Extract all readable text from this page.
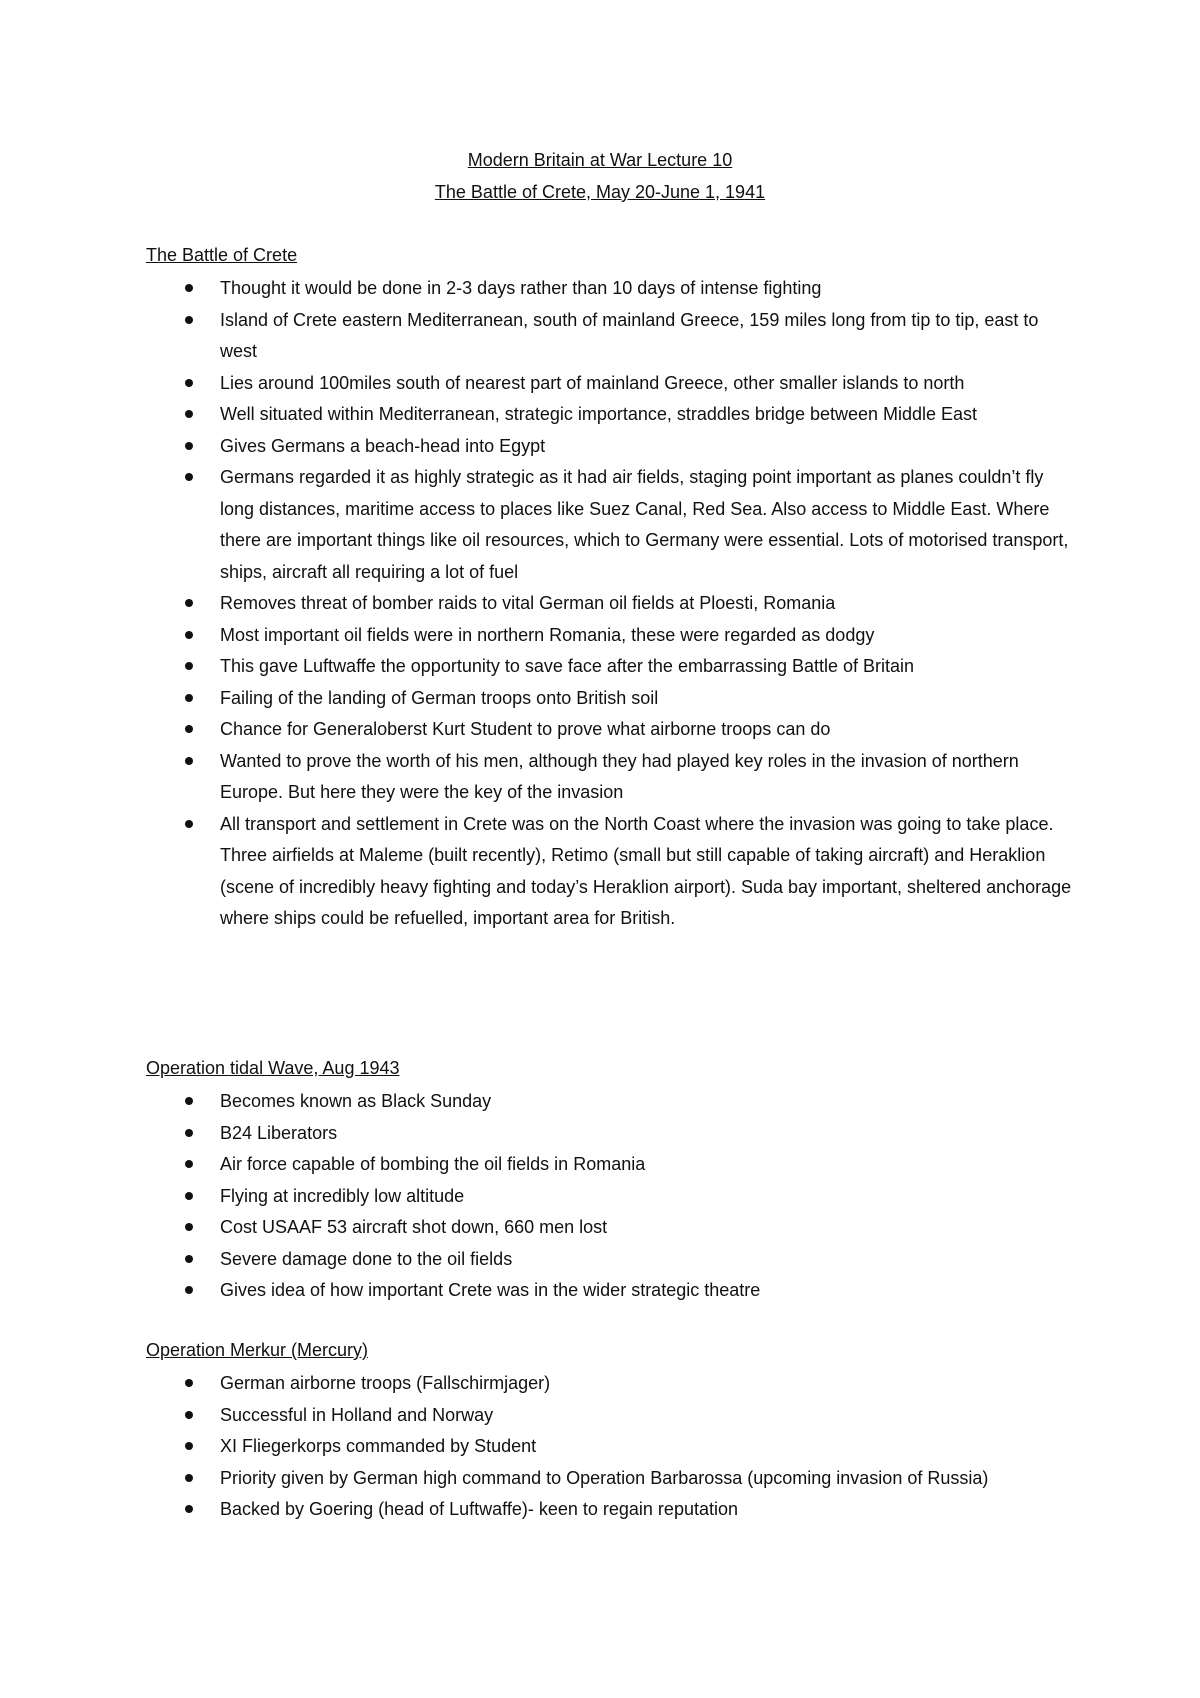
Modern Britain at War Lecture 10
The Battle of Crete, May 20-June 1, 1941
The Battle of Crete
Thought it would be done in 2-3 days rather than 10 days of intense fighting
Island of Crete eastern Mediterranean, south of mainland Greece, 159 miles long from tip to tip, east to west
Lies around 100miles south of nearest part of mainland Greece, other smaller islands to north
Well situated within Mediterranean, strategic importance, straddles bridge between Middle East
Gives Germans a beach-head into Egypt
Germans regarded it as highly strategic as it had air fields, staging point important as planes couldn’t fly long distances, maritime access to places like Suez Canal, Red Sea. Also access to Middle East. Where there are important things like oil resources, which to Germany were essential. Lots of motorised transport, ships, aircraft all requiring a lot of fuel
Removes threat of bomber raids to vital German oil fields at Ploesti, Romania
Most important oil fields were in northern Romania, these were regarded as dodgy
This gave Luftwaffe the opportunity to save face after the embarrassing Battle of Britain
Failing of the landing of German troops onto British soil
Chance for Generaloberst Kurt Student to prove what airborne troops can do
Wanted to prove the worth of his men, although they had played key roles in the invasion of northern Europe. But here they were the key of the invasion
All transport and settlement in Crete was on the North Coast where the invasion was going to take place. Three airfields at Maleme (built recently), Retimo (small but still capable of taking aircraft) and Heraklion (scene of incredibly heavy fighting and today’s Heraklion airport). Suda bay important, sheltered anchorage where ships could be refuelled, important area for British.
Operation tidal Wave, Aug 1943
Becomes known as Black Sunday
B24 Liberators
Air force capable of bombing the oil fields in Romania
Flying at incredibly low altitude
Cost USAAF 53 aircraft shot down, 660 men lost
Severe damage done to the oil fields
Gives idea of how important Crete was in the wider strategic theatre
Operation Merkur (Mercury)
German airborne troops (Fallschirmjager)
Successful in Holland and Norway
XI Fliegerkorps commanded by Student
Priority given by German high command to Operation Barbarossa (upcoming invasion of Russia)
Backed by Goering (head of Luftwaffe)- keen to regain reputation
